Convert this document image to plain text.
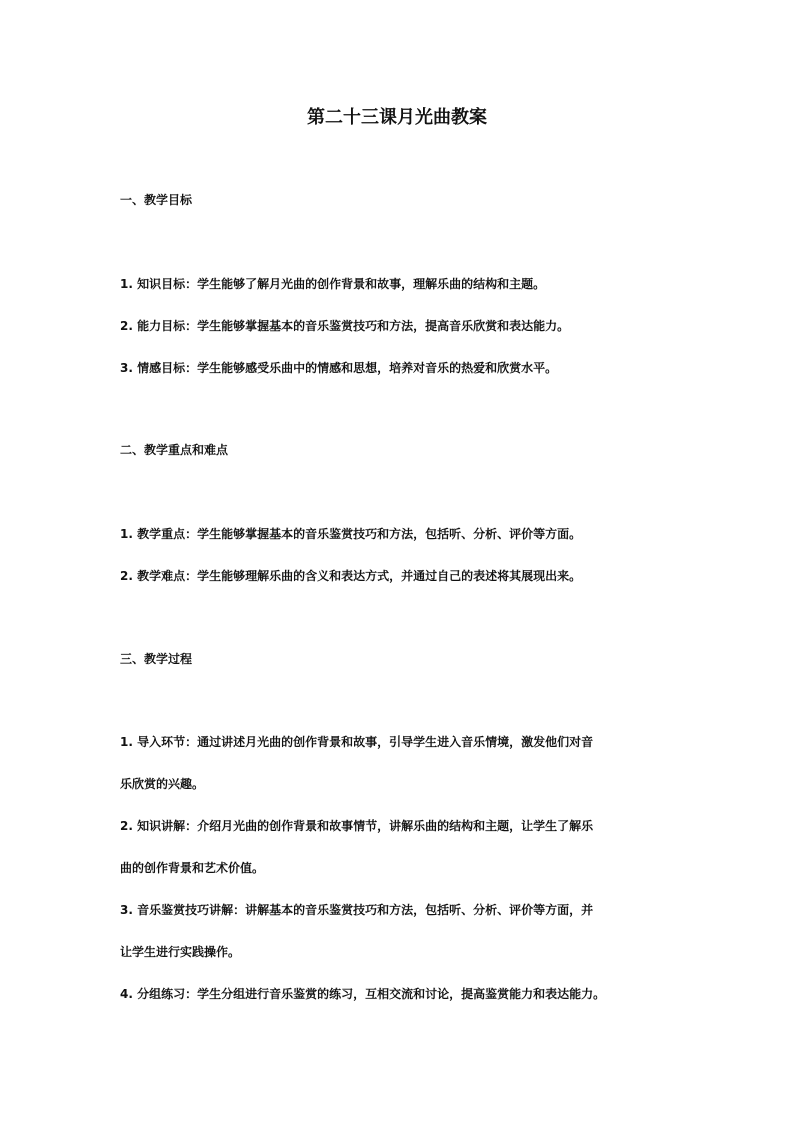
第二十三课月光曲教案
一、教学目标
1. 知识目标：学生能够了解月光曲的创作背景和故事，理解乐曲的结构和主题。
2. 能力目标：学生能够掌握基本的音乐鉴赏技巧和方法，提高音乐欣赏和表达能力。
3. 情感目标：学生能够感受乐曲中的情感和思想，培养对音乐的热爱和欣赏水平。
二、教学重点和难点
1. 教学重点：学生能够掌握基本的音乐鉴赏技巧和方法，包括听、分析、评价等方面。
2. 教学难点：学生能够理解乐曲的含义和表达方式，并通过自己的表述将其展现出来。
三、教学过程
1. 导入环节：通过讲述月光曲的创作背景和故事，引导学生进入音乐情境，激发他们对音
乐欣赏的兴趣。
2. 知识讲解：介绍月光曲的创作背景和故事情节，讲解乐曲的结构和主题，让学生了解乐
曲的创作背景和艺术价值。
3. 音乐鉴赏技巧讲解：讲解基本的音乐鉴赏技巧和方法，包括听、分析、评价等方面，并
让学生进行实践操作。
4. 分组练习：学生分组进行音乐鉴赏的练习，互相交流和讨论，提高鉴赏能力和表达能力。
